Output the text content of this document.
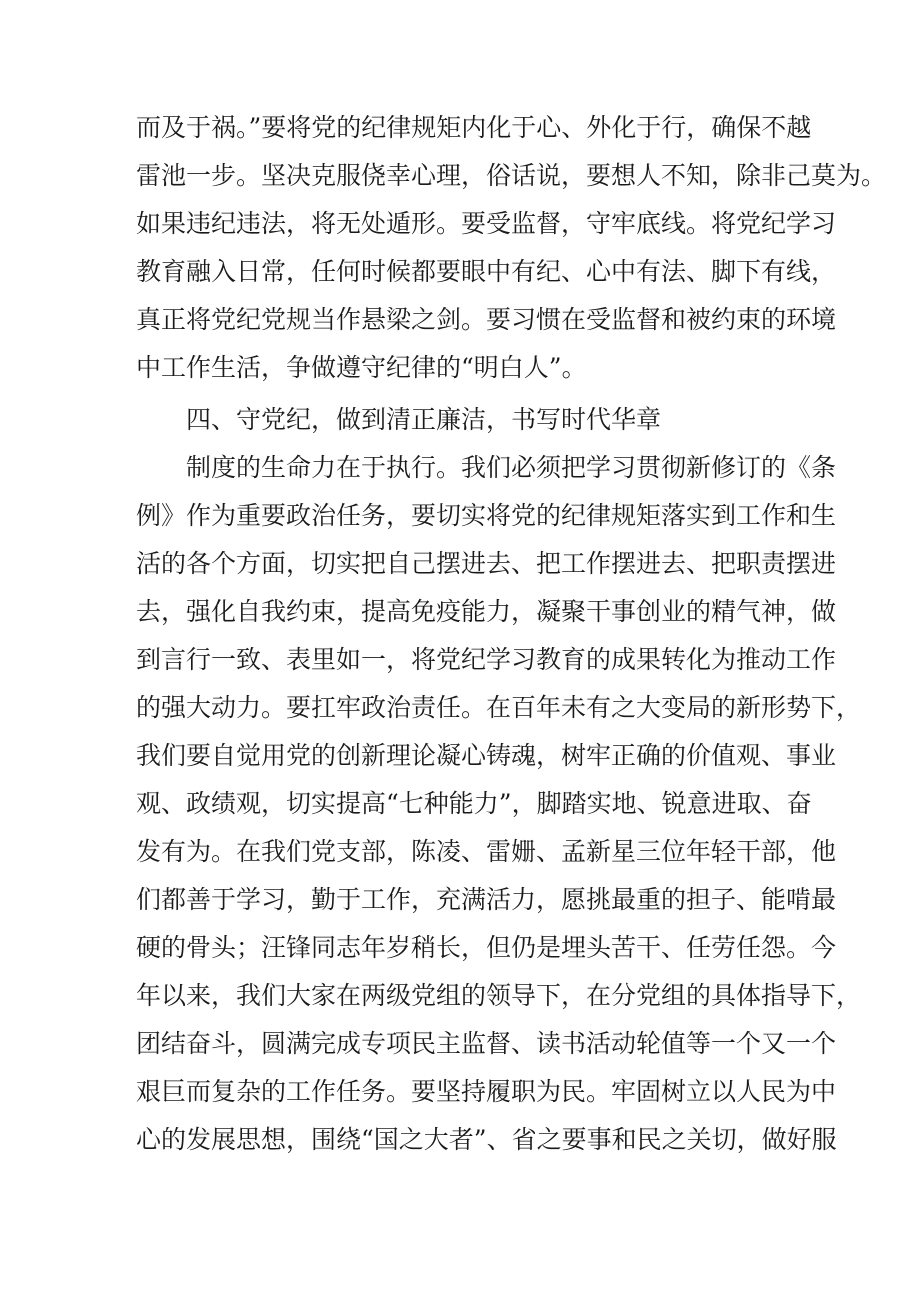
而及于祸。”要将党的纪律规矩内化于心、外化于行，确保不越
雷池一步。坚决克服侥幸心理，俗话说，要想人不知，除非己莫为。
如果违纪违法，将无处遁形。要受监督，守牢底线。将党纪学习
教育融入日常，任何时候都要眼中有纪、心中有法、脚下有线，
真正将党纪党规当作悬梁之剑。要习惯在受监督和被约束的环境
中工作生活，争做遵守纪律的“明白人”。
四、守党纪，做到清正廉洁，书写时代华章
制度的生命力在于执行。我们必须把学习贯彻新修订的《条
例》作为重要政治任务，要切实将党的纪律规矩落实到工作和生
活的各个方面，切实把自己摆进去、把工作摆进去、把职责摆进
去，强化自我约束，提高免疫能力，凝聚干事创业的精气神，做
到言行一致、表里如一，将党纪学习教育的成果转化为推动工作
的强大动力。要扛牢政治责任。在百年未有之大变局的新形势下，
我们要自觉用党的创新理论凝心铸魂，树牢正确的价值观、事业
观、政绩观，切实提高“七种能力”，脚踏实地、锐意进取、奋
发有为。在我们党支部，陈凌、雷姗、孟新星三位年轻干部，他
们都善于学习，勤于工作，充满活力，愿挑最重的担子、能啃最
硬的骨头；汪锋同志年岁稍长，但仍是埋头苦干、任劳任怨。今
年以来，我们大家在两级党组的领导下，在分党组的具体指导下，
团结奋斗，圆满完成专项民主监督、读书活动轮值等一个又一个
艰巨而复杂的工作任务。要坚持履职为民。牢固树立以人民为中
心的发展思想，围绕“国之大者”、省之要事和民之关切，做好服
